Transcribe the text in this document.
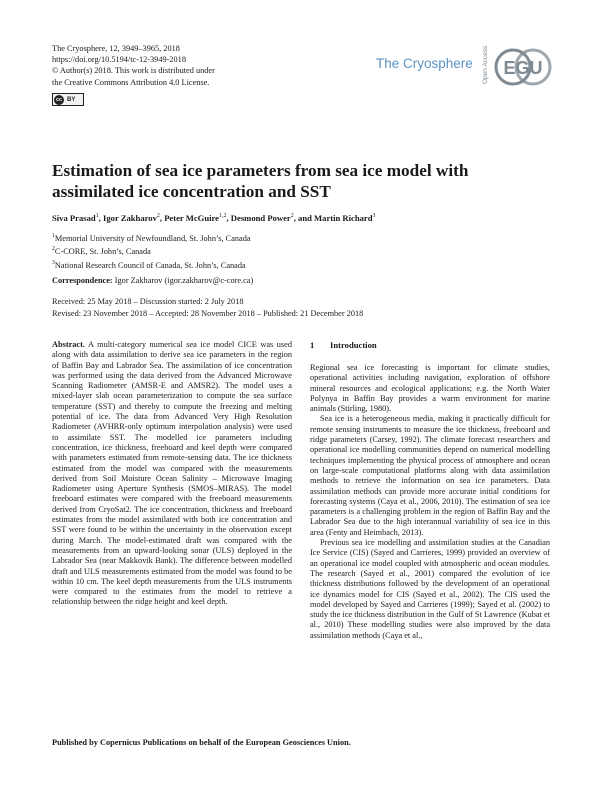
The Cryosphere, 12, 3949–3965, 2018
https://doi.org/10.5194/tc-12-3949-2018
© Author(s) 2018. This work is distributed under
the Creative Commons Attribution 4.0 License.
cc BY
The Cryosphere Open Access EGU
Estimation of sea ice parameters from sea ice model with assimilated ice concentration and SST
Siva Prasad$^1$, Igor Zakharov$^2$, Peter McGuire$^{1,2}$, Desmond Power$^2$, and Martin Richard$^3$
$^1$Memorial University of Newfoundland, St. John’s, Canada
$^2$C-CORE, St. John’s, Canada
$^3$National Research Council of Canada, St. John’s, Canada
Correspondence: Igor Zakharov (igor.zakharov@c-core.ca)
Received: 25 May 2018 – Discussion started: 2 July 2018
Revised: 23 November 2018 – Accepted: 28 November 2018 – Published: 21 December 2018
Abstract. A multi-category numerical sea ice model CICE was used along with data assimilation to derive sea ice parameters in the region of Baffin Bay and Labrador Sea. The assimilation of ice concentration was performed using the data derived from the Advanced Microwave Scanning Radiometer (AMSR-E and AMSR2). The model uses a mixed-layer slab ocean parameterization to compute the sea surface temperature (SST) and thereby to compute the freezing and melting potential of ice. The data from Advanced Very High Resolution Radiometer (AVHRR-only optimum interpolation analysis) were used to assimilate SST. The modelled ice parameters including concentration, ice thickness, freeboard and keel depth were compared with parameters estimated from remote-sensing data. The ice thickness estimated from the model was compared with the measurements derived from Soil Moisture Ocean Salinity – Microwave Imaging Radiometer using Aperture Synthesis (SMOS–MIRAS). The model freeboard estimates were compared with the freeboard measurements derived from CryoSat2. The ice concentration, thickness and freeboard estimates from the model assimilated with both ice concentration and SST were found to be within the uncertainty in the observation except during March. The model-estimated draft was compared with the measurements from an upward-looking sonar (ULS) deployed in the Labrador Sea (near Makkovik Bank). The difference between modelled draft and ULS measurements estimated from the model was found to be within 10 cm. The keel depth measurements from the ULS instruments were compared to the estimates from the model to retrieve a relationship between the ridge height and keel depth.
1 Introduction

Regional sea ice forecasting is important for climate studies, operational activities including navigation, exploration of offshore mineral resources and ecological applications; e.g. the North Water Polynya in Baffin Bay provides a warm environment for marine animals (Stirling, 1980).

Sea ice is a heterogeneous media, making it practically difficult for remote sensing instruments to measure the ice thickness, freeboard and ridge parameters (Carsey, 1992). The climate forecast researchers and operational ice modelling communities depend on numerical modelling techniques implementing the physical process of atmosphere and ocean on large-scale computational platforms along with data assimilation methods to retrieve the information on sea ice parameters. Data assimilation methods can provide more accurate initial conditions for forecasting systems (Caya et al., 2006, 2010). The estimation of sea ice parameters is a challenging problem in the region of Baffin Bay and the Labrador Sea due to the high interannual variability of sea ice in this area (Fenty and Heimbach, 2013).

Previous sea ice modelling and assimilation studies at the Canadian Ice Service (CIS) (Sayed and Carrieres, 1999) provided an overview of an operational ice model coupled with atmospheric and ocean modules. The research (Sayed et al., 2001) compared the evolution of ice thickness distributions followed by the development of an operational ice dynamics model for CIS (Sayed et al., 2002). The CIS used the model developed by Sayed and Carrieres (1999); Sayed et al. (2002) to study the ice thickness distribution in the Gulf of St Lawrence (Kubat et al., 2010) These modelling studies were also improved by the data assimilation methods (Caya et al.,

Published by Copernicus Publications on behalf of the European Geosciences Union.
